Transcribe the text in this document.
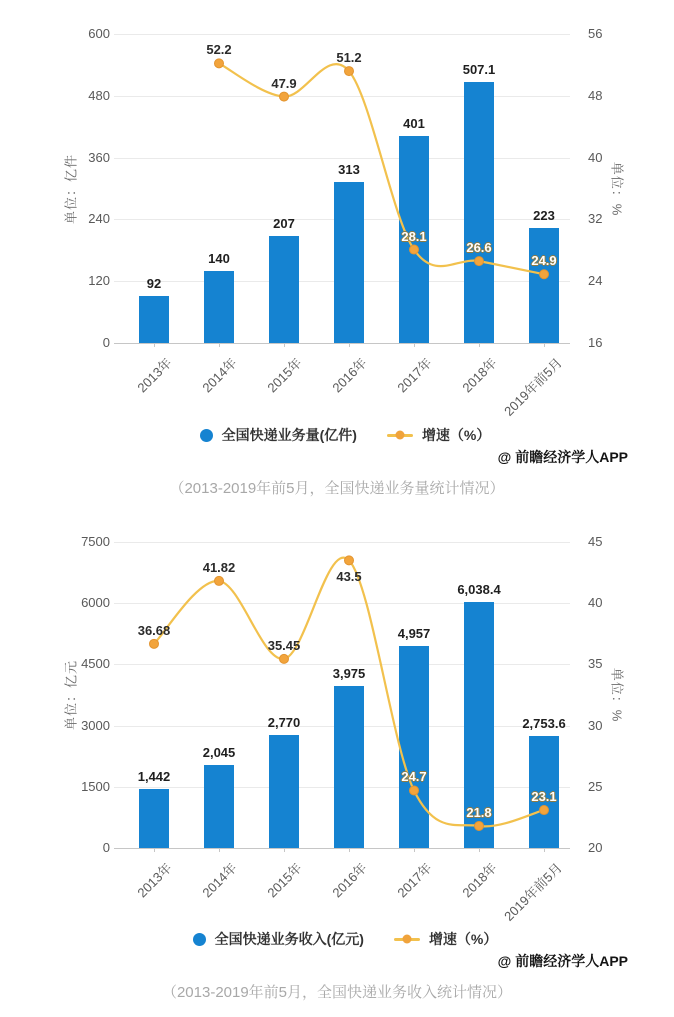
单位：亿件	单位：%
600	56
480	48
360	40
240	32
120	24
0	16
2013年 2014年 2015年 2016年 2017年 2018年 2019年前5月
92
140
207
313
401
507.1
223
52.2
47.9
51.2
28.1
26.6
24.9
全国快递业务量(亿件)	增速（%）
@ 前瞻经济学人APP
（2013-2019年前5月，全国快递业务量统计情况）
单位：亿元	单位：%
7500	45
6000	40
4500	35
3000	30
1500	25
0	20
2013年 2014年 2015年 2016年 2017年 2018年 2019年前5月
1,442
2,045
2,770
3,975
4,957
6,038.4
2,753.6
36.68
41.82
35.45
43.5
24.7
21.8
23.1
全国快递业务收入(亿元)	增速（%）
@ 前瞻经济学人APP
（2013-2019年前5月，全国快递业务收入统计情况）
